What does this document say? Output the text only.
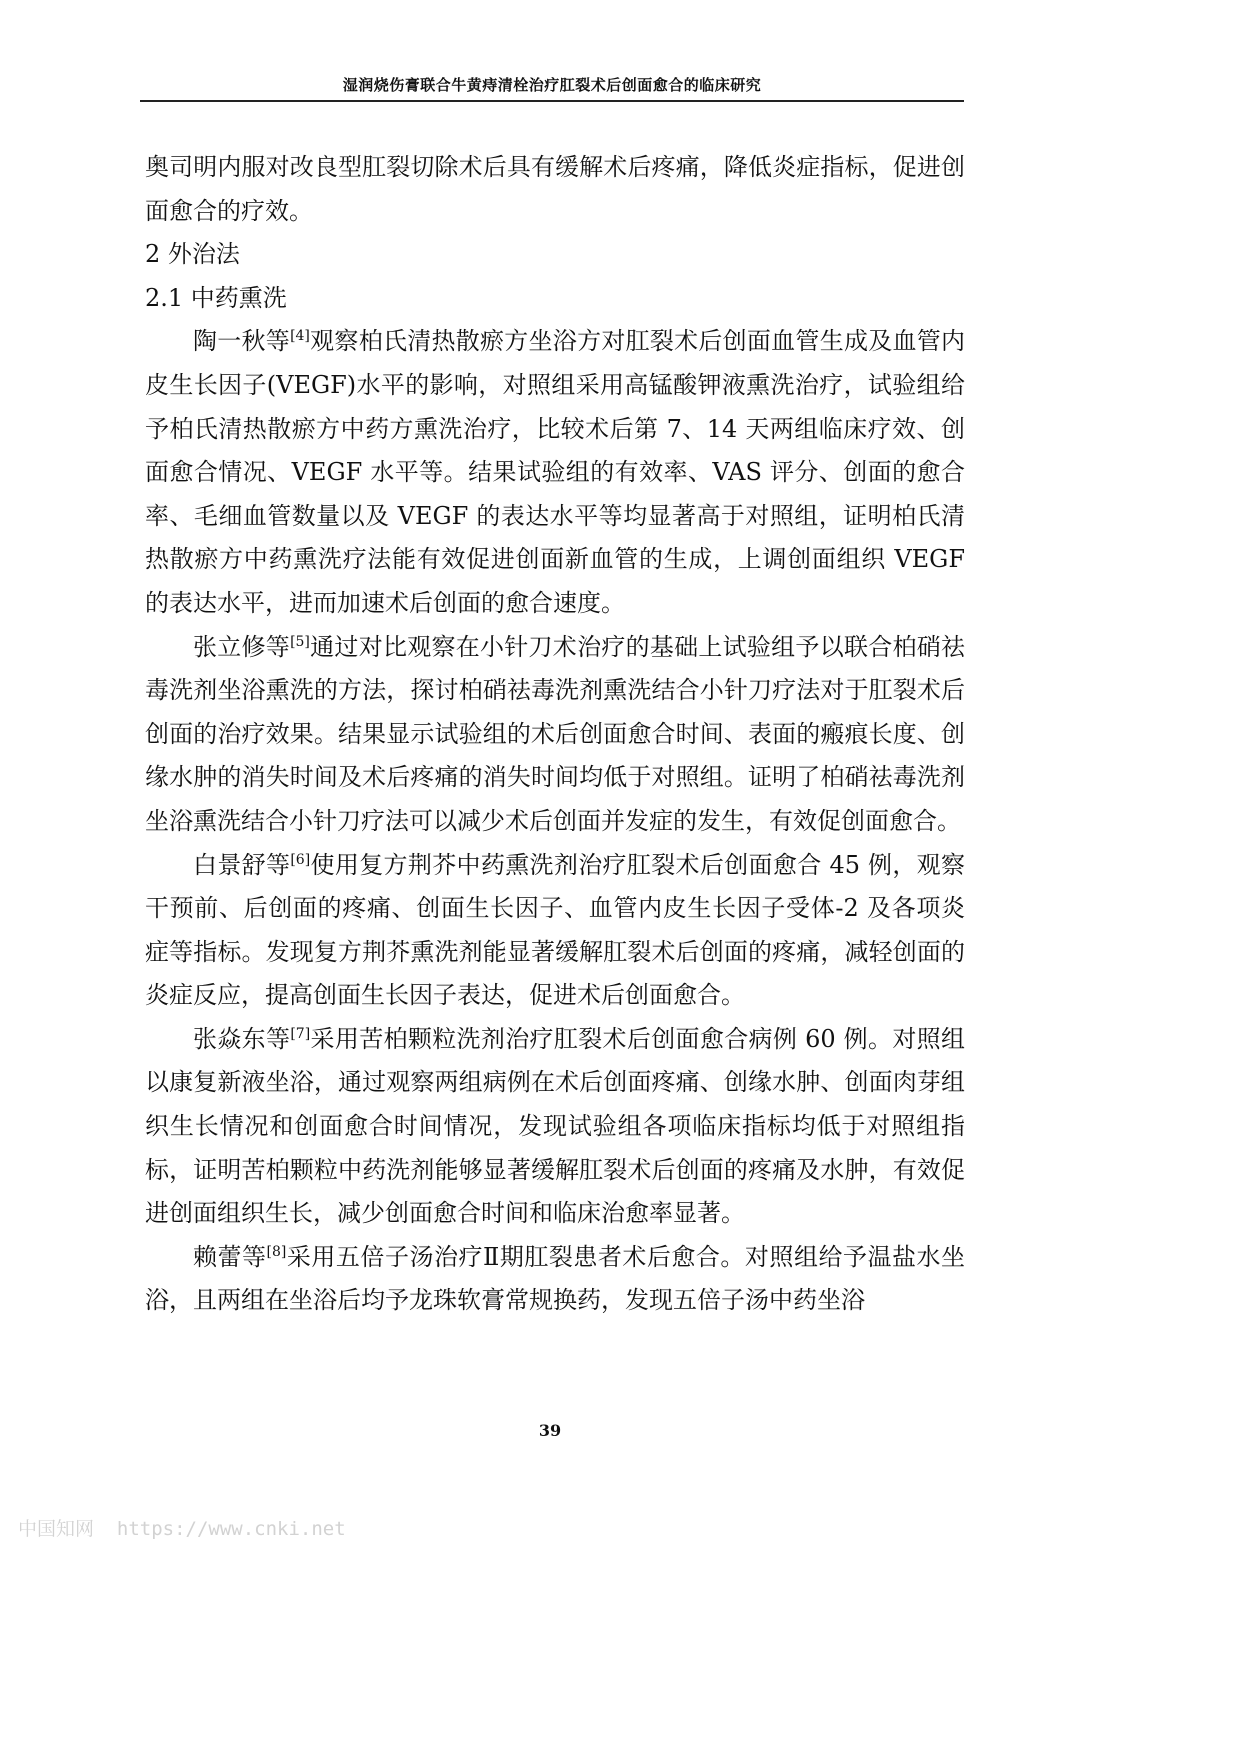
湿润烧伤膏联合牛黄痔清栓治疗肛裂术后创面愈合的临床研究

奥司明内服对改良型肛裂切除术后具有缓解术后疼痛，降低炎症指标，促进创面愈合的疗效。

2 外治法

2.1 中药熏洗

陶一秋等[4]观察柏氏清热散瘀方坐浴方对肛裂术后创面血管生成及血管内皮生长因子(VEGF)水平的影响，对照组采用高锰酸钾液熏洗治疗，试验组给予柏氏清热散瘀方中药方熏洗治疗，比较术后第 7、14 天两组临床疗效、创面愈合情况、VEGF 水平等。结果试验组的有效率、VAS 评分、创面的愈合率、毛细血管数量以及 VEGF 的表达水平等均显著高于对照组，证明柏氏清热散瘀方中药熏洗疗法能有效促进创面新血管的生成，上调创面组织 VEGF 的表达水平，进而加速术后创面的愈合速度。

张立修等[5]通过对比观察在小针刀术治疗的基础上试验组予以联合柏硝祛毒洗剂坐浴熏洗的方法，探讨柏硝祛毒洗剂熏洗结合小针刀疗法对于肛裂术后创面的治疗效果。结果显示试验组的术后创面愈合时间、表面的瘢痕长度、创缘水肿的消失时间及术后疼痛的消失时间均低于对照组。证明了柏硝祛毒洗剂坐浴熏洗结合小针刀疗法可以减少术后创面并发症的发生，有效促创面愈合。

白景舒等[6]使用复方荆芥中药熏洗剂治疗肛裂术后创面愈合 45 例，观察干预前、后创面的疼痛、创面生长因子、血管内皮生长因子受体-2 及各项炎症等指标。发现复方荆芥熏洗剂能显著缓解肛裂术后创面的疼痛，减轻创面的炎症反应，提高创面生长因子表达，促进术后创面愈合。

张焱东等[7]采用苦柏颗粒洗剂治疗肛裂术后创面愈合病例 60 例。对照组以康复新液坐浴，通过观察两组病例在术后创面疼痛、创缘水肿、创面肉芽组织生长情况和创面愈合时间情况，发现试验组各项临床指标均低于对照组指标，证明苦柏颗粒中药洗剂能够显著缓解肛裂术后创面的疼痛及水肿，有效促进创面组织生长，减少创面愈合时间和临床治愈率显著。

赖蕾等[8]采用五倍子汤治疗Ⅱ期肛裂患者术后愈合。对照组给予温盐水坐浴，且两组在坐浴后均予龙珠软膏常规换药，发现五倍子汤中药坐浴

39
中国知网  https://www.cnki.net
